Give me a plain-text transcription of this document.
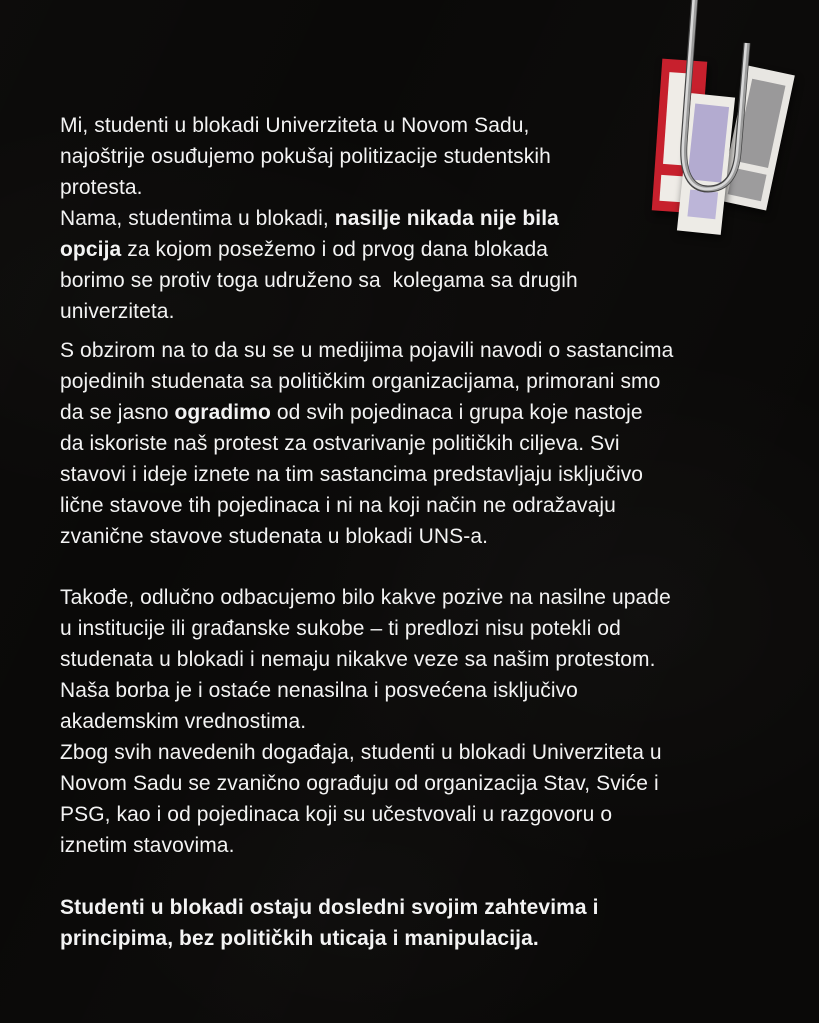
Mi, studenti u blokadi Univerziteta u Novom Sadu,
najoštrije osuđujemo pokušaj politizacije studentskih
protesta.
Nama, studentima u blokadi, nasilje nikada nije bila
opcija za kojom posežemo i od prvog dana blokada
borimo se protiv toga udruženo sa  kolegama sa drugih
univerziteta.
S obzirom na to da su se u medijima pojavili navodi o sastancima
pojedinih studenata sa političkim organizacijama, primorani smo
da se jasno ogradimo od svih pojedinaca i grupa koje nastoje
da iskoriste naš protest za ostvarivanje političkih ciljeva. Svi
stavovi i ideje iznete na tim sastancima predstavljaju isključivo
lične stavove tih pojedinaca i ni na koji način ne odražavaju
zvanične stavove studenata u blokadi UNS-a.
Takođe, odlučno odbacujemo bilo kakve pozive na nasilne upade
u institucije ili građanske sukobe – ti predlozi nisu potekli od
studenata u blokadi i nemaju nikakve veze sa našim protestom.
Naša borba je i ostaće nenasilna i posvećena isključivo
akademskim vrednostima.
Zbog svih navedenih događaja, studenti u blokadi Univerziteta u
Novom Sadu se zvanično ograđuju od organizacija Stav, Sviće i
PSG, kao i od pojedinaca koji su učestvovali u razgovoru o
iznetim stavovima.
Studenti u blokadi ostaju dosledni svojim zahtevima i
principima, bez političkih uticaja i manipulacija.
